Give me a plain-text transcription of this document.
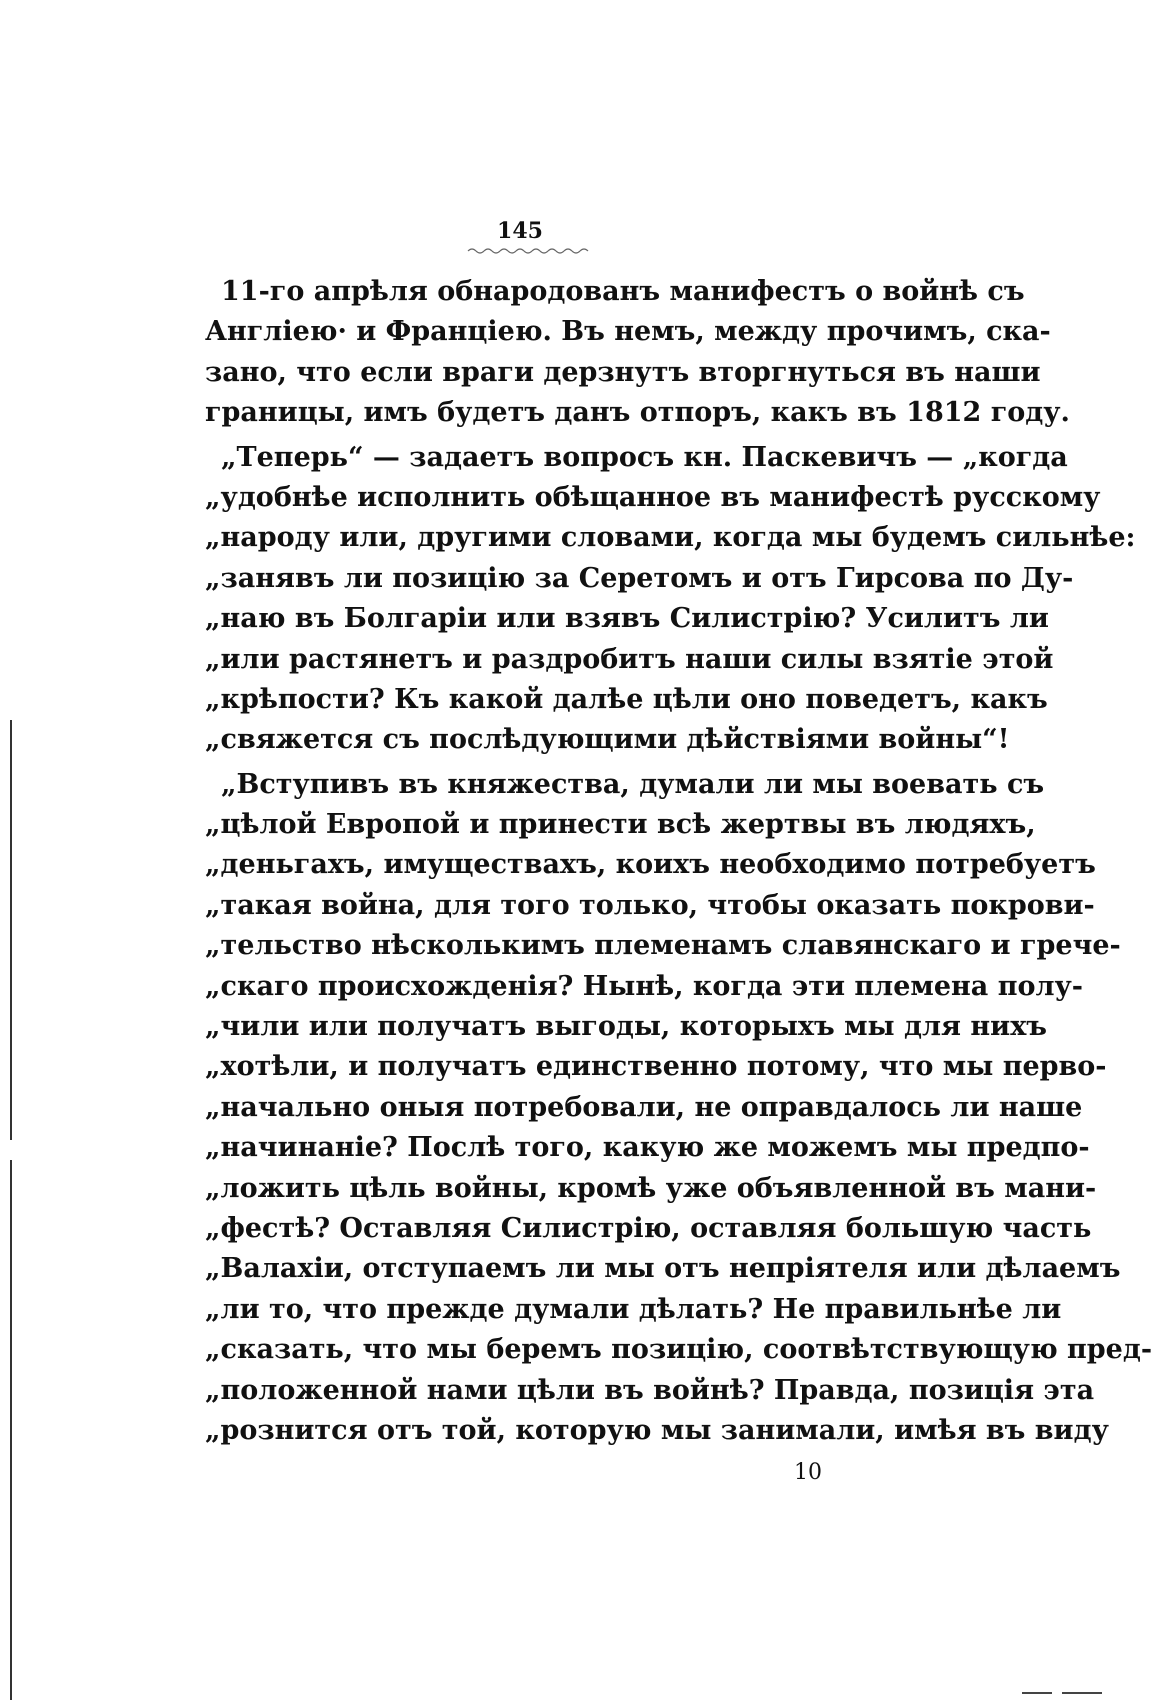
145
11-го апрѣля обнародованъ манифестъ о войнѣ съ
Англіею· и Франціею. Въ немъ, между прочимъ, ска-
зано, что если враги дерзнутъ вторгнуться въ наши
границы, имъ будетъ данъ отпоръ, какъ въ 1812 году.
„Теперь“ — задаетъ вопросъ кн. Паскевичъ — „когда
„удобнѣе исполнить обѣщанное въ манифестѣ русскому
„народу или, другими словами, когда мы будемъ сильнѣе:
„занявъ ли позицію за Серетомъ и отъ Гирсова по Ду-
„наю въ Болгаріи или взявъ Силистрію? Усилитъ ли
„или растянетъ и раздробитъ наши силы взятіе этой
„крѣпости? Къ какой далѣе цѣли оно поведетъ, какъ
„свяжется съ послѣдующими дѣйствіями войны“!
„Вступивъ въ княжества, думали ли мы воевать съ
„цѣлой Европой и принести всѣ жертвы въ людяхъ,
„деньгахъ, имуществахъ, коихъ необходимо потребуетъ
„такая война, для того только, чтобы оказать покрови-
„тельство нѣсколькимъ племенамъ славянскаго и грече-
„скаго происхожденія? Нынѣ, когда эти племена полу-
„чили или получатъ выгоды, которыхъ мы для нихъ
„хотѣли, и получатъ единственно потому, что мы перво-
„начально оныя потребовали, не оправдалось ли наше
„начинаніе? Послѣ того, какую же можемъ мы предпо-
„ложить цѣль войны, кромѣ уже объявленной въ мани-
„фестѣ? Оставляя Силистрію, оставляя большую часть
„Валахіи, отступаемъ ли мы отъ непріятеля или дѣлаемъ
„ли то, что прежде думали дѣлать? Не правильнѣе ли
„сказать, что мы беремъ позицію, соотвѣтствующую пред-
„положенной нами цѣли въ войнѣ? Правда, позиція эта
„рознится отъ той, которую мы занимали, имѣя въ виду
10
